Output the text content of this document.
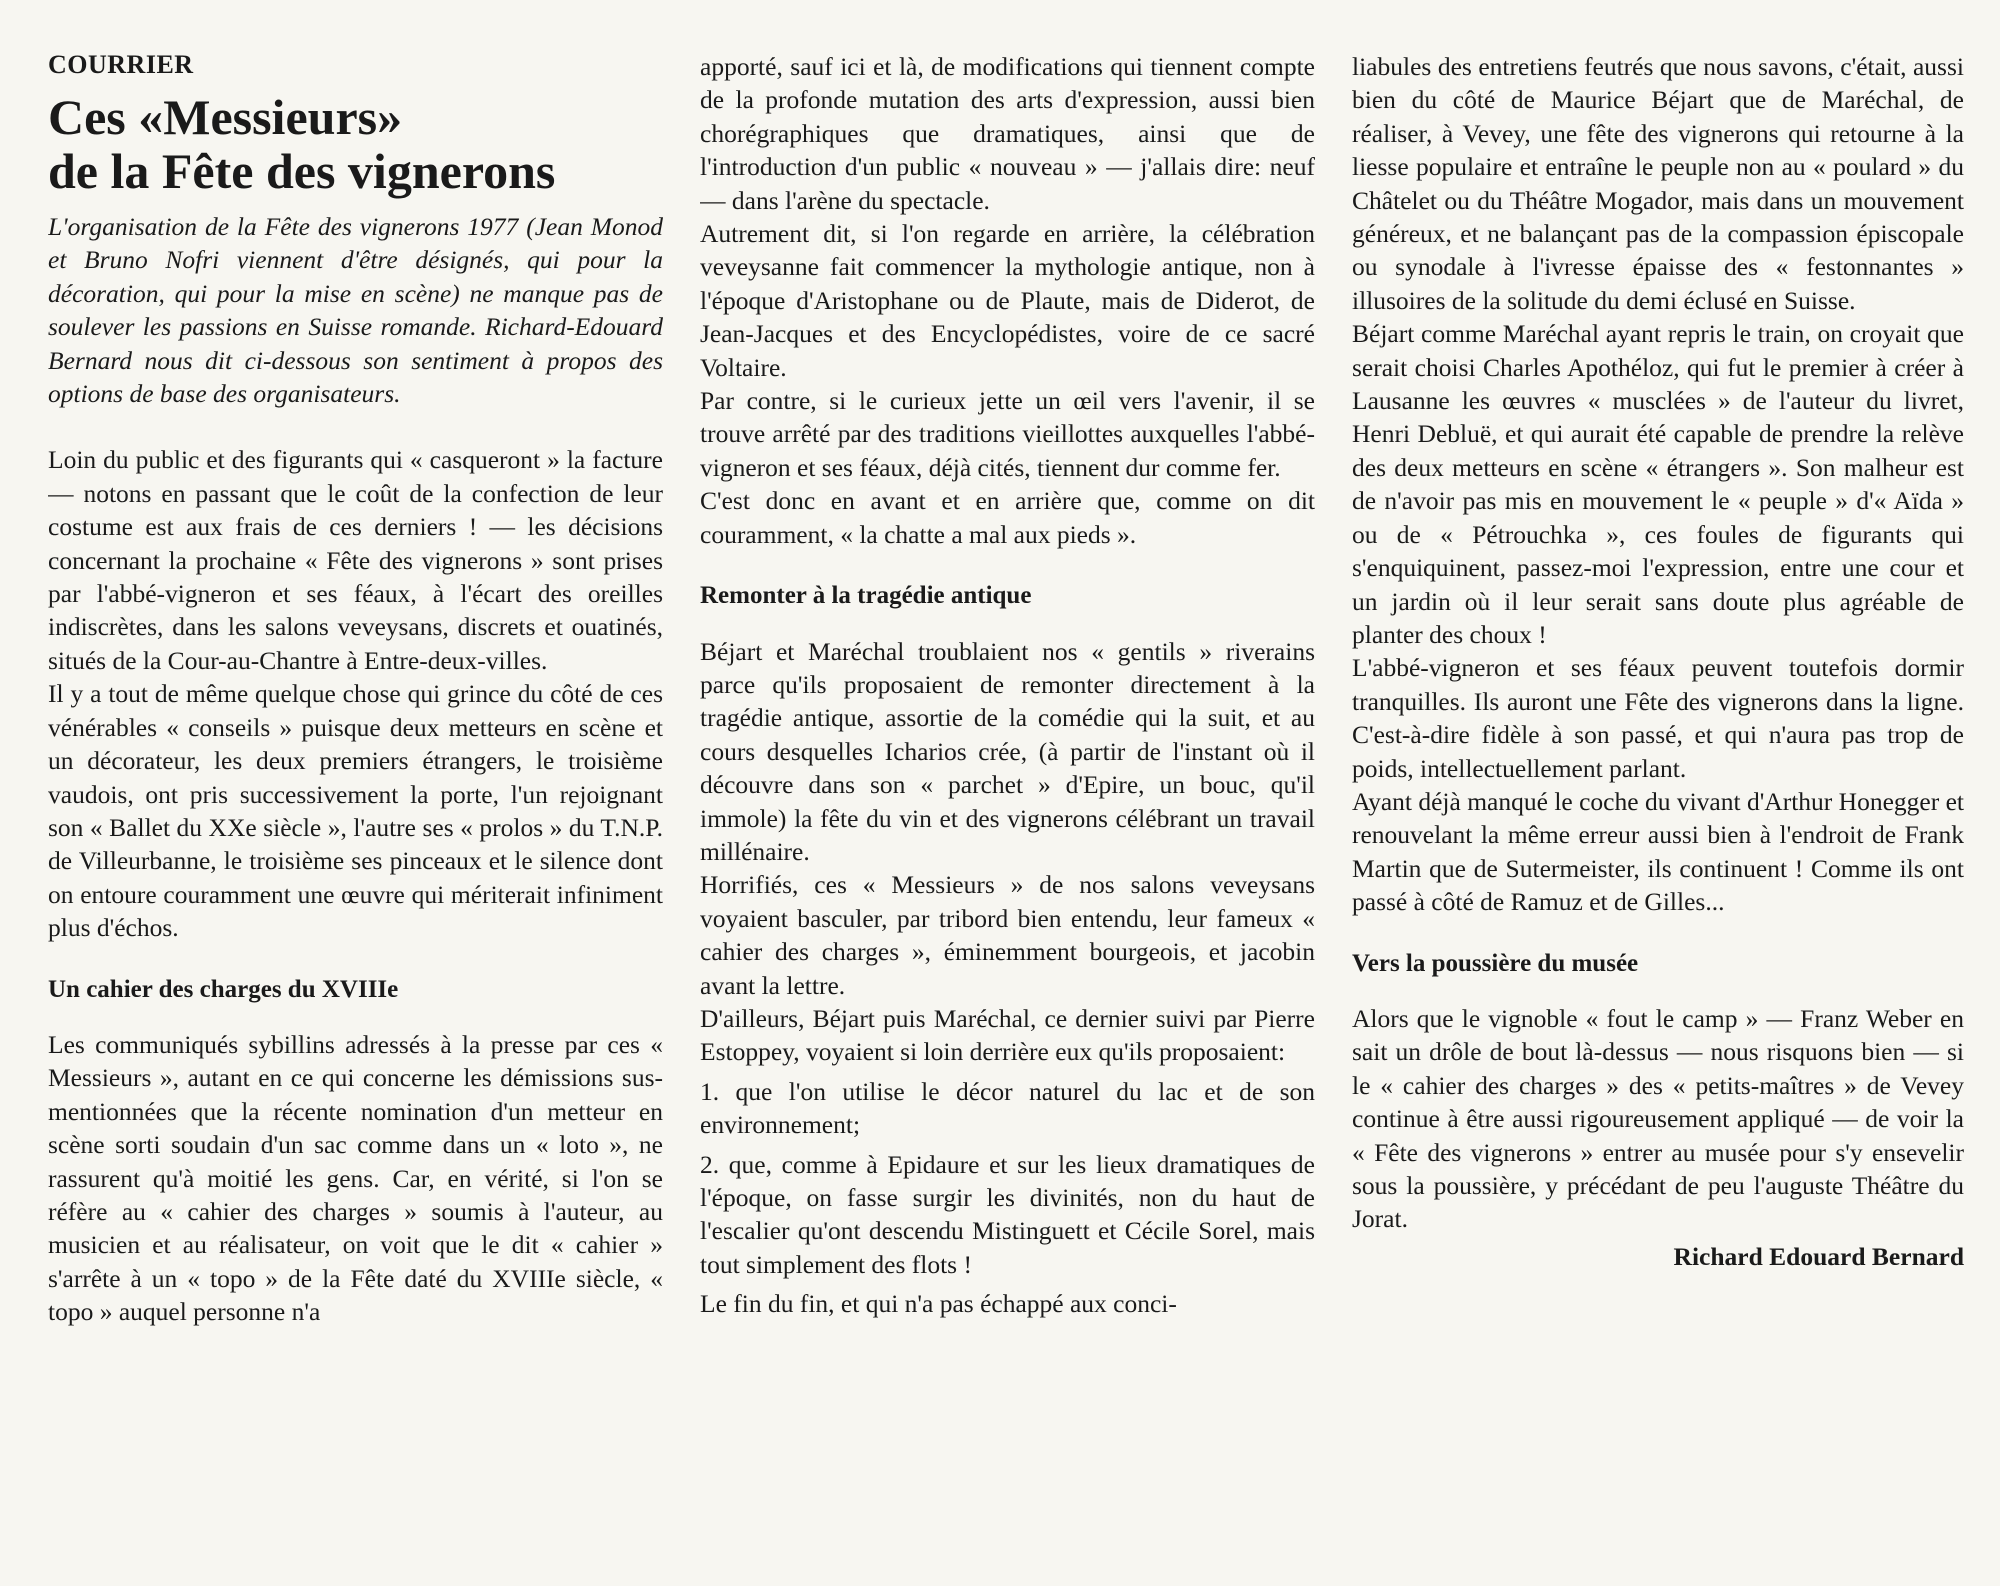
COURRIER
Ces «Messieurs»
de la Fête des vignerons

L'organisation de la Fête des vignerons 1977 (Jean Monod et Bruno Nofri viennent d'être désignés, qui pour la décoration, qui pour la mise en scène) ne manque pas de soulever les passions en Suisse romande. Richard-Edouard Bernard nous dit ci-dessous son sentiment à propos des options de base des organisateurs.

Loin du public et des figurants qui « casqueront » la facture — notons en passant que le coût de la confection de leur costume est aux frais de ces derniers ! — les décisions concernant la prochaine « Fête des vignerons » sont prises par l'abbé-vigneron et ses féaux, à l'écart des oreilles indiscrètes, dans les salons veveysans, discrets et ouatinés, situés de la Cour-au-Chantre à Entre-deux-villes.

Il y a tout de même quelque chose qui grince du côté de ces vénérables « conseils » puisque deux metteurs en scène et un décorateur, les deux premiers étrangers, le troisième vaudois, ont pris successivement la porte, l'un rejoignant son « Ballet du XXe siècle », l'autre ses « prolos » du T.N.P. de Villeurbanne, le troisième ses pinceaux et le silence dont on entoure couramment une œuvre qui mériterait infiniment plus d'échos.

Un cahier des charges du XVIIIe

Les communiqués sybillins adressés à la presse par ces « Messieurs », autant en ce qui concerne les démissions sus-mentionnées que la récente nomination d'un metteur en scène sorti soudain d'un sac comme dans un « loto », ne rassurent qu'à moitié les gens. Car, en vérité, si l'on se réfère au « cahier des charges » soumis à l'auteur, au musicien et au réalisateur, on voit que le dit « cahier » s'arrête à un « topo » de la Fête daté du XVIIIe siècle, « topo » auquel personne n'a

apporté, sauf ici et là, de modifications qui tiennent compte de la profonde mutation des arts d'expression, aussi bien chorégraphiques que dramatiques, ainsi que de l'introduction d'un public « nouveau » — j'allais dire: neuf — dans l'arène du spectacle.

Autrement dit, si l'on regarde en arrière, la célébration veveysanne fait commencer la mythologie antique, non à l'époque d'Aristophane ou de Plaute, mais de Diderot, de Jean-Jacques et des Encyclopédistes, voire de ce sacré Voltaire.

Par contre, si le curieux jette un œil vers l'avenir, il se trouve arrêté par des traditions vieillottes auxquelles l'abbé-vigneron et ses féaux, déjà cités, tiennent dur comme fer.

C'est donc en avant et en arrière que, comme on dit couramment, « la chatte a mal aux pieds ».

Remonter à la tragédie antique

Béjart et Maréchal troublaient nos « gentils » riverains parce qu'ils proposaient de remonter directement à la tragédie antique, assortie de la comédie qui la suit, et au cours desquelles Icharios crée, (à partir de l'instant où il découvre dans son « parchet » d'Epire, un bouc, qu'il immole) la fête du vin et des vignerons célébrant un travail millénaire.

Horrifiés, ces « Messieurs » de nos salons veveysans voyaient basculer, par tribord bien entendu, leur fameux « cahier des charges », éminemment bourgeois, et jacobin avant la lettre.

D'ailleurs, Béjart puis Maréchal, ce dernier suivi par Pierre Estoppey, voyaient si loin derrière eux qu'ils proposaient:

1. que l'on utilise le décor naturel du lac et de son environnement;

2. que, comme à Epidaure et sur les lieux dramatiques de l'époque, on fasse surgir les divinités, non du haut de l'escalier qu'ont descendu Mistinguett et Cécile Sorel, mais tout simplement des flots !

Le fin du fin, et qui n'a pas échappé aux conci-

liabules des entretiens feutrés que nous savons, c'était, aussi bien du côté de Maurice Béjart que de Maréchal, de réaliser, à Vevey, une fête des vignerons qui retourne à la liesse populaire et entraîne le peuple non au « poulard » du Châtelet ou du Théâtre Mogador, mais dans un mouvement généreux, et ne balançant pas de la compassion épiscopale ou synodale à l'ivresse épaisse des « festonnantes » illusoires de la solitude du demi éclusé en Suisse.

Béjart comme Maréchal ayant repris le train, on croyait que serait choisi Charles Apothéloz, qui fut le premier à créer à Lausanne les œuvres « musclées » de l'auteur du livret, Henri Debluë, et qui aurait été capable de prendre la relève des deux metteurs en scène « étrangers ». Son malheur est de n'avoir pas mis en mouvement le « peuple » d'« Aïda » ou de « Pétrouchka », ces foules de figurants qui s'enquiquinent, passez-moi l'expression, entre une cour et un jardin où il leur serait sans doute plus agréable de planter des choux !

L'abbé-vigneron et ses féaux peuvent toutefois dormir tranquilles. Ils auront une Fête des vignerons dans la ligne. C'est-à-dire fidèle à son passé, et qui n'aura pas trop de poids, intellectuellement parlant.

Ayant déjà manqué le coche du vivant d'Arthur Honegger et renouvelant la même erreur aussi bien à l'endroit de Frank Martin que de Sutermeister, ils continuent ! Comme ils ont passé à côté de Ramuz et de Gilles...

Vers la poussière du musée

Alors que le vignoble « fout le camp » — Franz Weber en sait un drôle de bout là-dessus — nous risquons bien — si le « cahier des charges » des « petits-maîtres » de Vevey continue à être aussi rigoureusement appliqué — de voir la « Fête des vignerons » entrer au musée pour s'y ensevelir sous la poussière, y précédant de peu l'auguste Théâtre du Jorat.

Richard Edouard Bernard
